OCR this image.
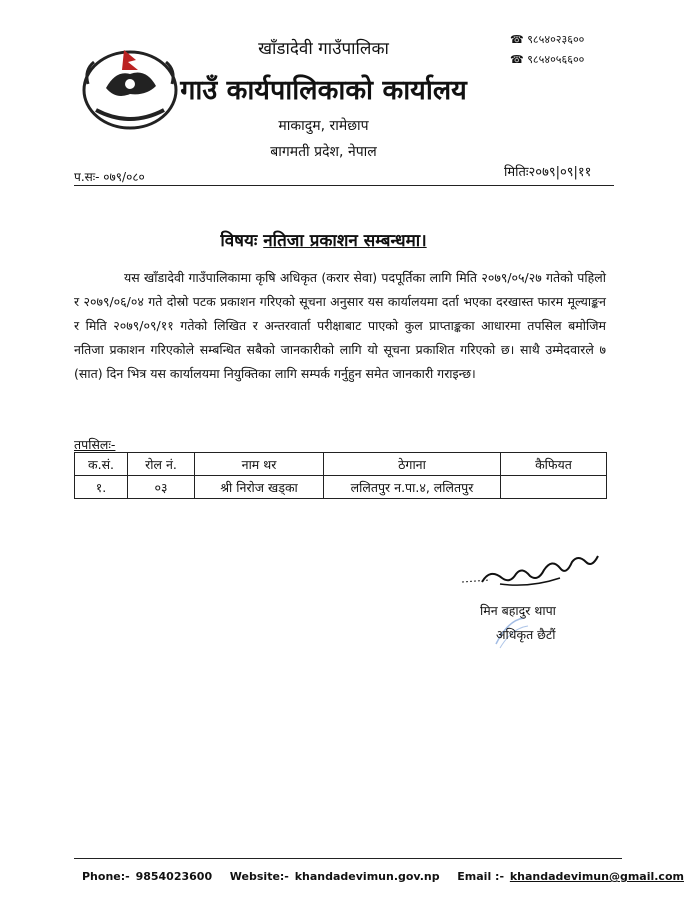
खाँडादेवी गाउँपालिका
गाउँ कार्यपालिकाको कार्यालय
माकादुम, रामेछाप
बागमती प्रदेश, नेपाल
☎ ९८५४०२३६००
☎ ९८५४०५६६००
प.सः- ०७९/०८०	मितिः२०७९|०९|११
विषयः नतिजा प्रकाशन सम्बन्धमा।
यस खाँडादेवी गाउँपालिकामा कृषि अधिकृत (करार सेवा) पदपूर्तिका लागि मिति २०७९/०५/२७ गतेको पहिलो र २०७९/०६/०४ गते दोस्रो पटक प्रकाशन गरिएको सूचना अनुसार यस कार्यालयमा दर्ता भएका दरखास्त फारम मूल्याङ्कन र मिति २०७९/०९/११ गतेको लिखित र अन्तरवार्ता परीक्षाबाट पाएको कुल प्राप्ताङ्कका आधारमा तपसिल बमोजिम नतिजा प्रकाशन गरिएकोले सम्बन्धित सबैको जानकारीको लागि यो सूचना प्रकाशित गरिएको छ। साथै उम्मेदवारले ७ (सात) दिन भित्र यस कार्यालयमा नियुक्तिका लागि सम्पर्क गर्नुहुन समेत जानकारी गराइन्छ।
तपसिलः-
क.सं.	रोल नं.	नाम थर	ठेगाना	कैफियत
१.	०३	श्री निरोज खड्का	ललितपुर न.पा.४, ललितपुर	
मिन बहादुर थापा
अधिकृत छैटौं
Phone:- 9854023600 Website:- khandadevimun.gov.np Email :- khandadevimun@gmail.com
